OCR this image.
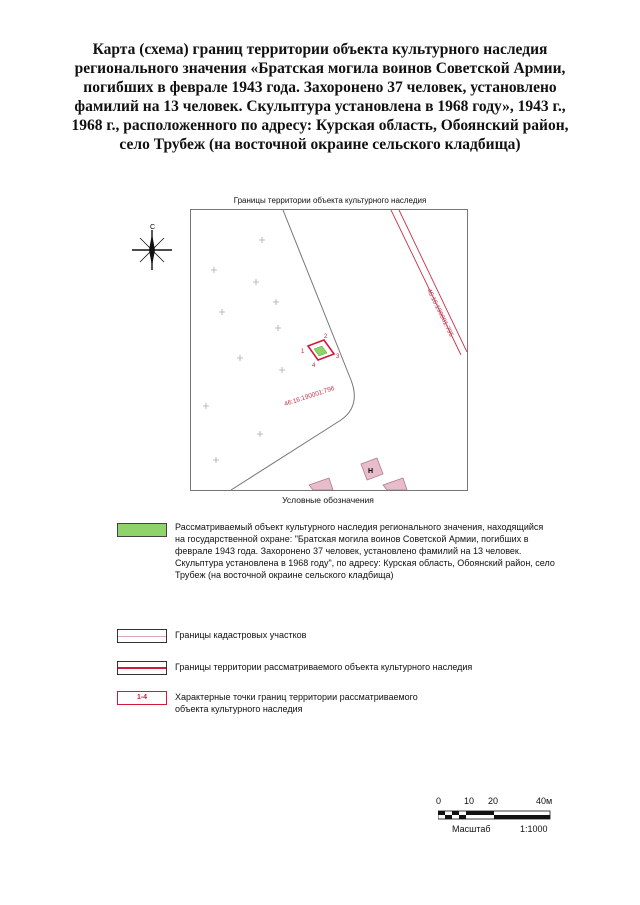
Карта (схема) границ территории объекта культурного наследия регионального значения «Братская могила воинов Советской Армии, погибших в феврале 1943 года. Захоронено 37 человек, установлено фамилий на 13 человек. Скульптура установлена в 1968 году», 1943 г., 1968 г., расположенного по адресу: Курская область, Обоянский район, село Трубеж (на восточной окраине сельского кладбища)
Границы территории объекта культурного наследия
С
46:16:190001:795
1
2
3
4
46:16:190001:796
Н
Условные обозначения
Рассматриваемый объект культурного наследия регионального значения, находящийся на государственной охране: "Братская могила воинов Советской Армии, погибших в феврале 1943 года. Захоронено 37 человек, установлено фамилий на 13 человек. Скульптура установлена в 1968 году", по адресу: Курская область, Обоянский район, село Трубеж (на восточной окраине сельского кладбища)
Границы кадастровых участков
Границы территории рассматриваемого объекта культурного наследия
1-4	Характерные точки границ территории рассматриваемого объекта культурного наследия
0	10 20	40м
Масштаб	1:1000
